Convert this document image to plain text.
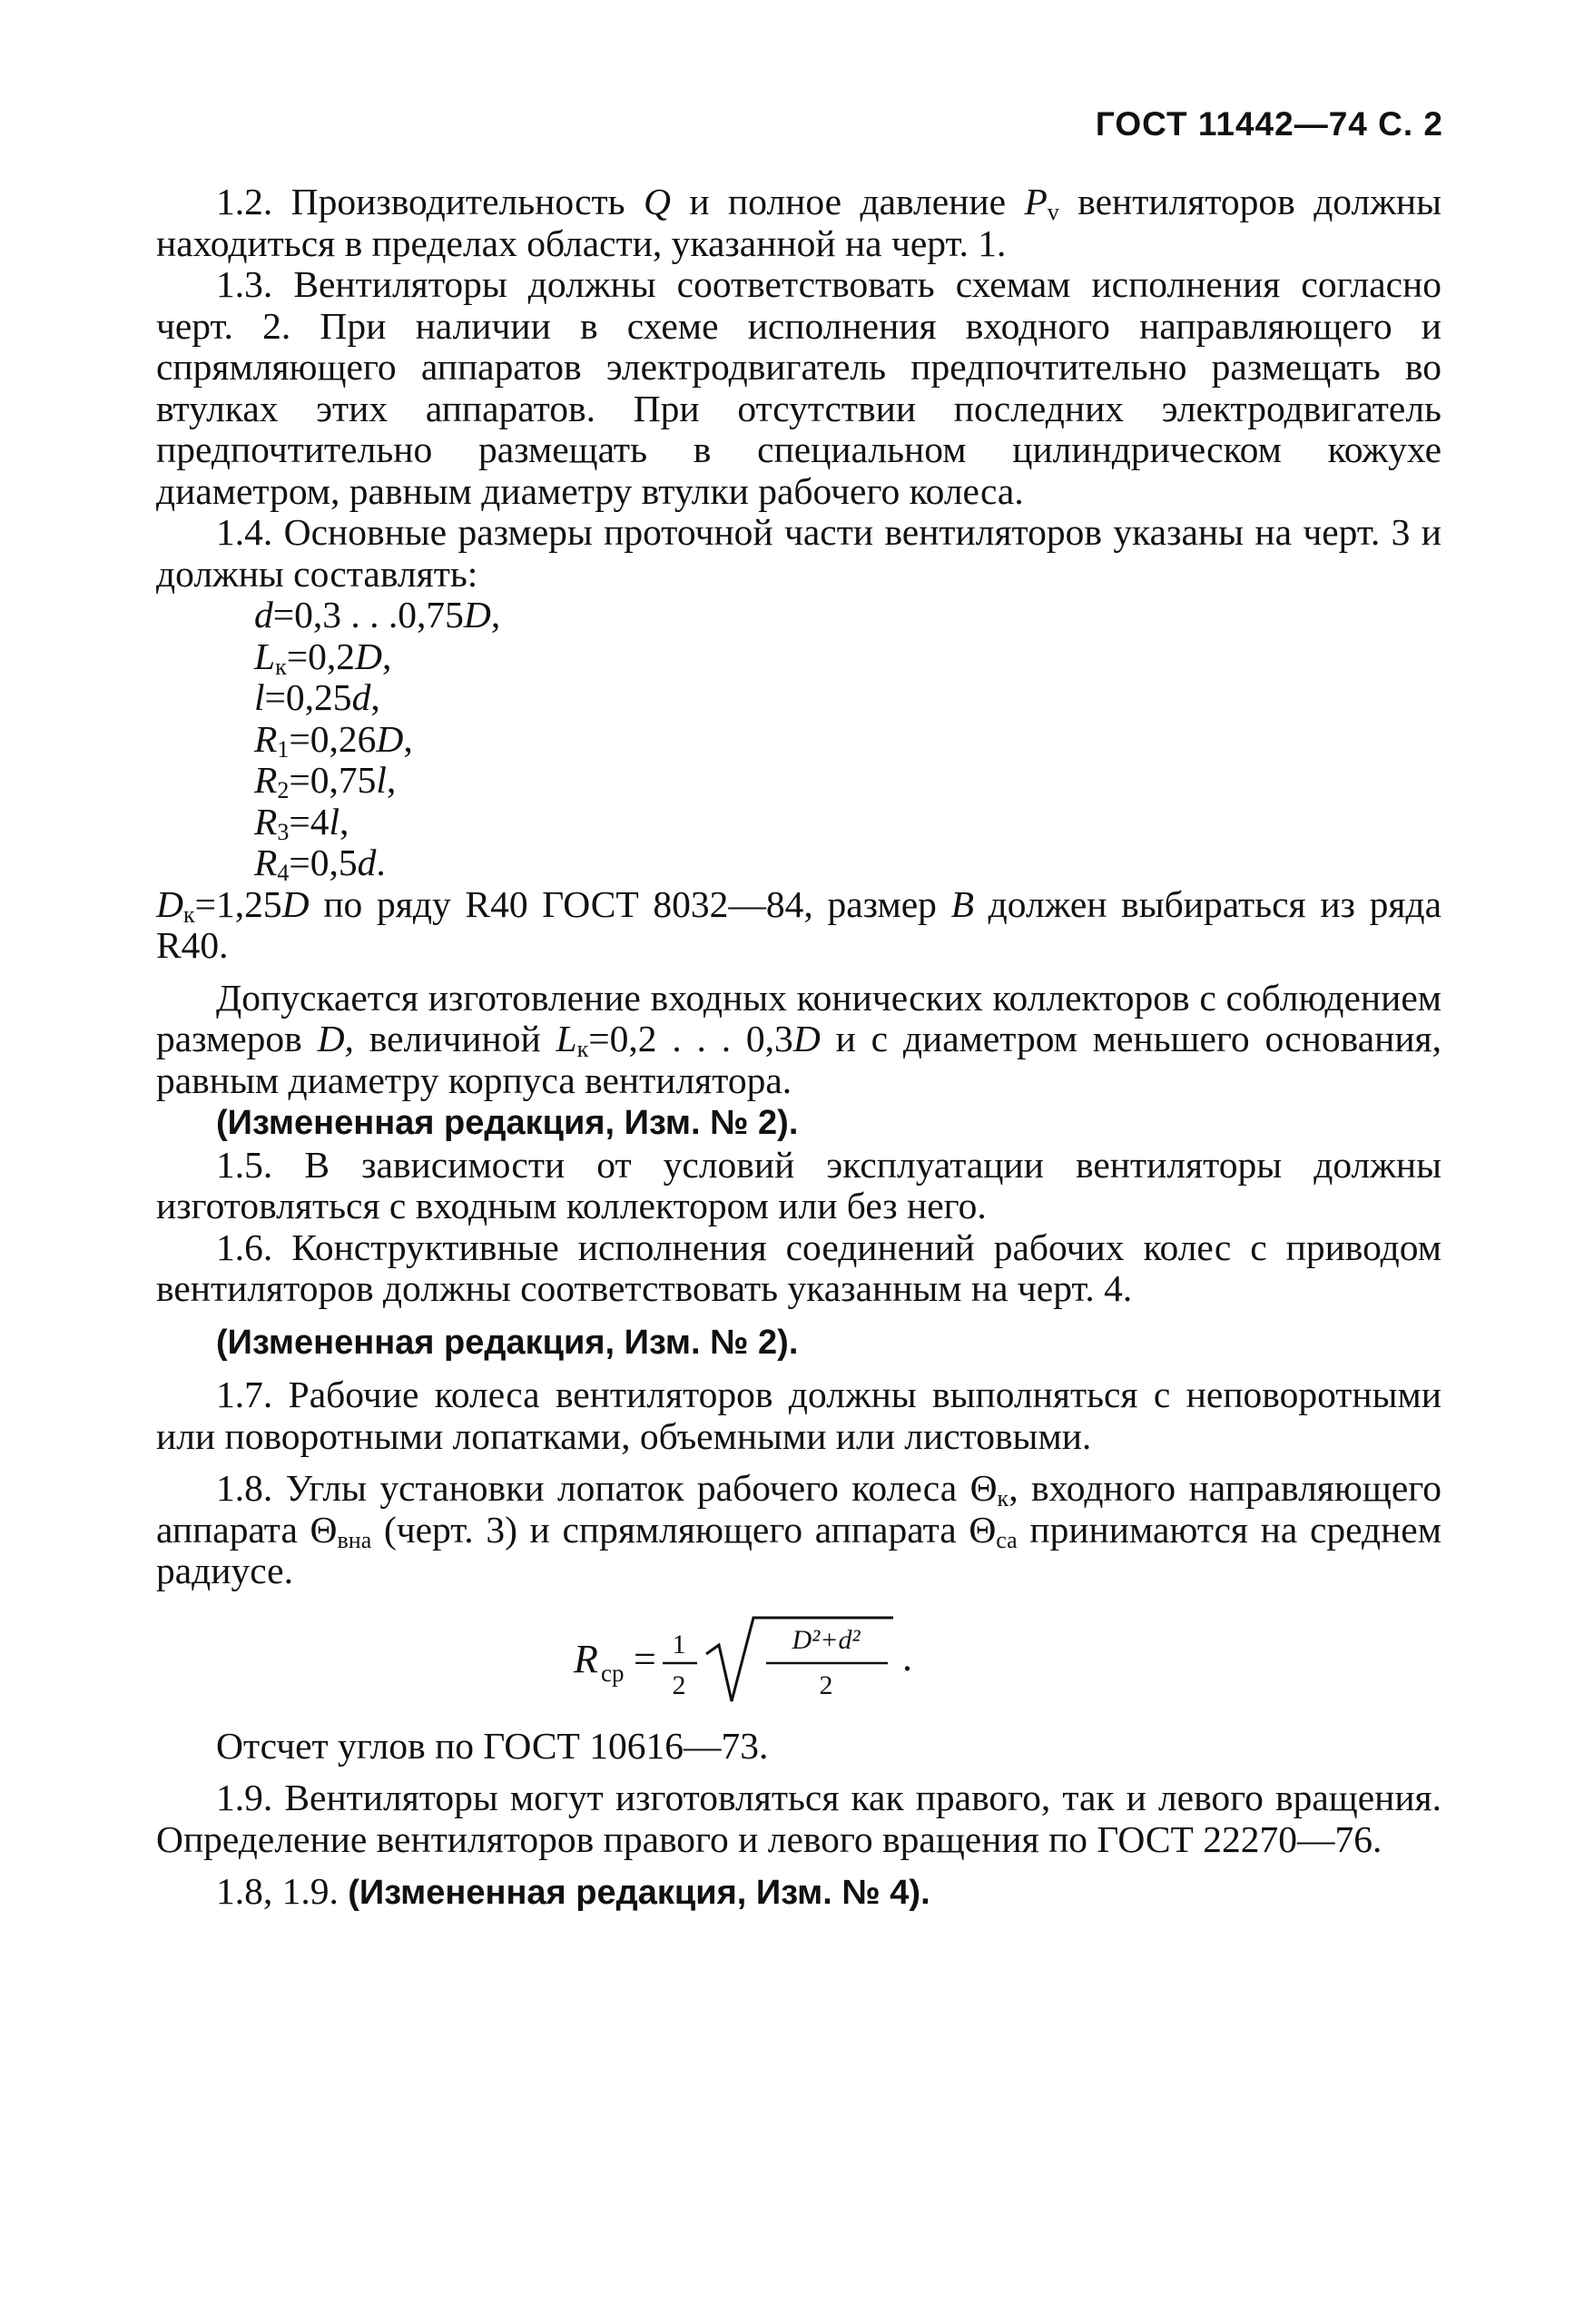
ГОСТ 11442—74 С. 2

1.2. Производительность Q и полное давление $P_v$ вентиляторов должны находиться в пределах области, указанной на черт. 1.

1.3. Вентиляторы должны соответствовать схемам исполнения согласно черт. 2. При наличии в схеме исполнения входного направляющего и спрямляющего аппаратов электродвигатель предпочтительно размещать во втулках этих аппаратов. При отсутствии последних электродвигатель предпочтительно размещать в специальном цилиндрическом кожухе диаметром, равным диаметру втулки рабочего колеса.

1.4. Основные размеры проточной части вентиляторов указаны на черт. 3 и должны составлять:

d=0,3 . . .0,75D,
$L_к=0,2D$,
l=0,25d,
$R_1=0,26D$,
$R_2=0,75l$,
$R_3=4l$,
$R_4=0,5d$.

$D_к=1,25D$ по ряду R40 ГОСТ 8032—84, размер B должен выбираться из ряда R40.

Допускается изготовление входных конических коллекторов с соблюдением размеров D, величиной $L_к=0,2$ . . . 0,3D и с диаметром меньшего основания, равным диаметру корпуса вентилятора.

(Измененная редакция, Изм. № 2).

1.5. В зависимости от условий эксплуатации вентиляторы должны изготовляться с входным коллектором или без него.

1.6. Конструктивные исполнения соединений рабочих колес с приводом вентиляторов должны соответствовать указанным на черт. 4.

(Измененная редакция, Изм. № 2).

1.7. Рабочие колеса вентиляторов должны выполняться с неповоротными или поворотными лопатками, объемными или листовыми.

1.8. Углы установки лопаток рабочего колеса $\Theta_к$, входного направляющего аппарата $\Theta_{вна}$ (черт. 3) и спрямляющего аппарата $\Theta_{са}$ принимаются на среднем радиусе.

R ср = 1
2
D²+d²
2
.

Отсчет углов по ГОСТ 10616—73.

1.9. Вентиляторы могут изготовляться как правого, так и левого вращения. Определение вентиляторов правого и левого вращения по ГОСТ 22270—76.

1.8, 1.9. (Измененная редакция, Изм. № 4).
